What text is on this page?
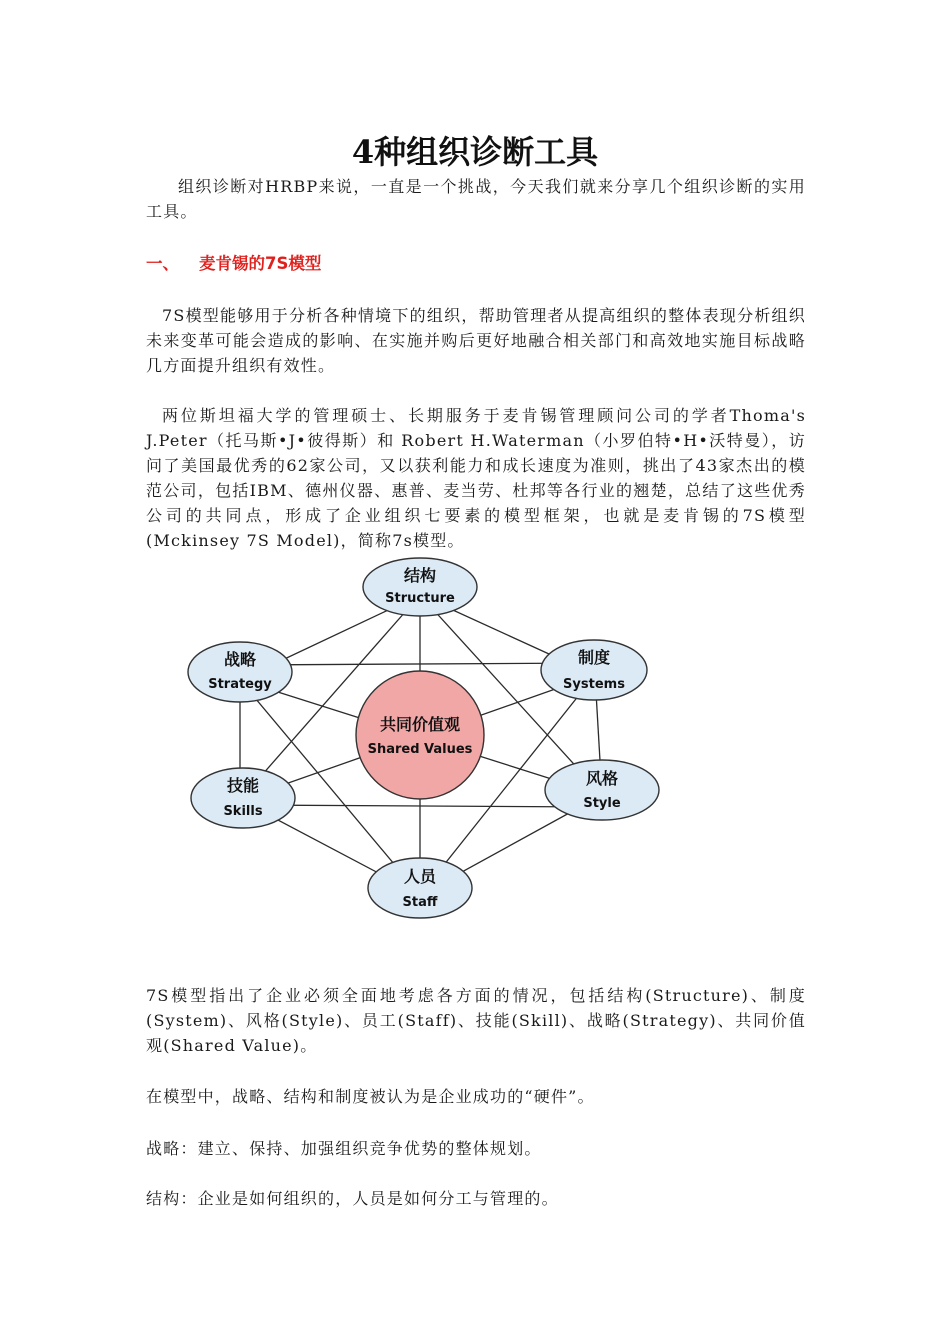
4种组织诊断工具

组织诊断对HRBP来说，一直是一个挑战，今天我们就来分享几个组织诊断的实用工具。

一、 麦肯锡的7S模型

7S模型能够用于分析各种情境下的组织，帮助管理者从提高组织的整体表现分析组织未来变革可能会造成的影响、在实施并购后更好地融合相关部门和高效地实施目标战略几方面提升组织有效性。

两位斯坦福大学的管理硕士、长期服务于麦肯锡管理顾问公司的学者Thoma's J.Peter（托马斯•J•彼得斯）和 Robert H.Waterman（小罗伯特•H•沃特曼），访问了美国最优秀的62家公司，又以获利能力和成长速度为准则，挑出了43家杰出的模范公司，包括IBM、德州仪器、惠普、麦当劳、杜邦等各行业的翘楚，总结了这些优秀公司的共同点，形成了企业组织七要素的模型框架，也就是麦肯锡的7S模型(Mckinsey 7S Model)，简称7s模型。

共同价值观
Shared Values
结构
Structure
战略
Strategy
制度
Systems
技能
Skills
风格
Style
人员
Staff

7S模型指出了企业必须全面地考虑各方面的情况，包括结构(Structure)、制度(System)、风格(Style)、员工(Staff)、技能(Skill)、战略(Strategy)、共同价值观(Shared Value)。

在模型中，战略、结构和制度被认为是企业成功的“硬件”。

战略：建立、保持、加强组织竞争优势的整体规划。

结构：企业是如何组织的，人员是如何分工与管理的。
